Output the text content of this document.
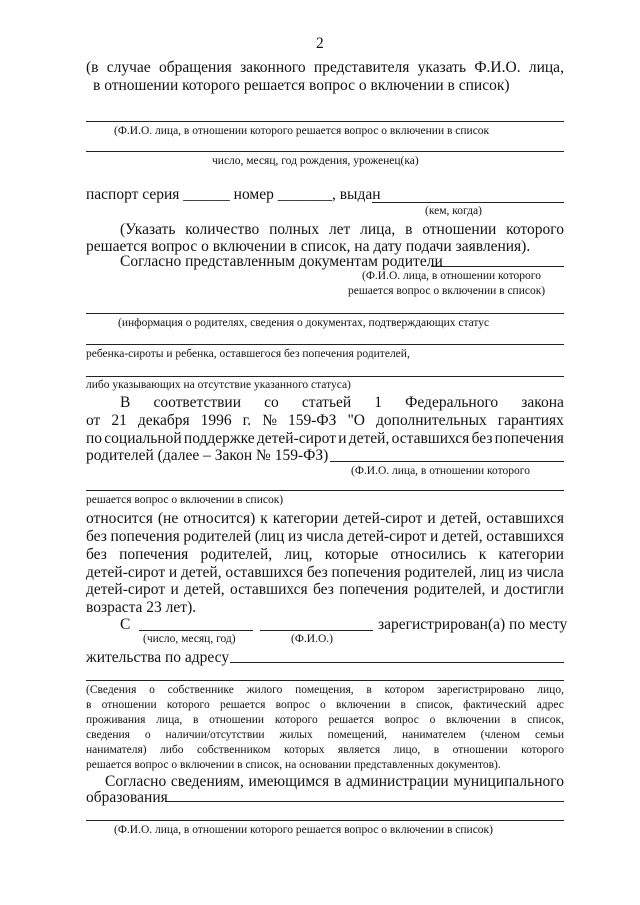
2
(в случае обращения законного представителя указать Ф.И.О. лица,
в отношении которого решается вопрос о включении в список)
(Ф.И.О. лица, в отношении которого решается вопрос о включении в список
число, месяц, год рождения, уроженец(ка)
паспорт серия ______ номер _______, выдан
(кем, когда)
(Указать количество полных лет лица, в отношении которого
решается вопрос о включении в список, на дату подачи заявления).
Согласно представленным документам родители
(Ф.И.О. лица, в отношении которого
решается вопрос о включении в список)
(информация о родителях, сведения о документах, подтверждающих статус
ребенка-сироты и ребенка, оставшегося без попечения родителей,
либо указывающих на отсутствие указанного статуса)
В соответствии со статьей 1 Федерального закона
от 21 декабря 1996 г. № 159-ФЗ "О дополнительных гарантиях
по социальной поддержке детей-сирот и детей, оставшихся без попечения
родителей (далее – Закон № 159-ФЗ)
(Ф.И.О. лица, в отношении которого
решается вопрос о включении в список)
относится (не относится) к категории детей-сирот и детей, оставшихся
без попечения родителей (лиц из числа детей-сирот и детей, оставшихся
без попечения родителей, лиц, которые относились к категории
детей-сирот и детей, оставшихся без попечения родителей, лиц из числа
детей-сирот и детей, оставшихся без попечения родителей, и достигли
возраста 23 лет).
С	зарегистрирован(а) по месту
(число, месяц, год)	(Ф.И.О.)
жительства по адресу
(Сведения о собственнике жилого помещения, в котором зарегистрировано лицо,
в отношении которого решается вопрос о включении в список, фактический адрес
проживания лица, в отношении которого решается вопрос о включении в список,
сведения о наличии/отсутствии жилых помещений, нанимателем (членом семьи
нанимателя) либо собственником которых является лицо, в отношении которого
решается вопрос о включении в список, на основании представленных документов).
Согласно сведениям, имеющимся в администрации муниципального
образования
(Ф.И.О. лица, в отношении которого решается вопрос о включении в список)
